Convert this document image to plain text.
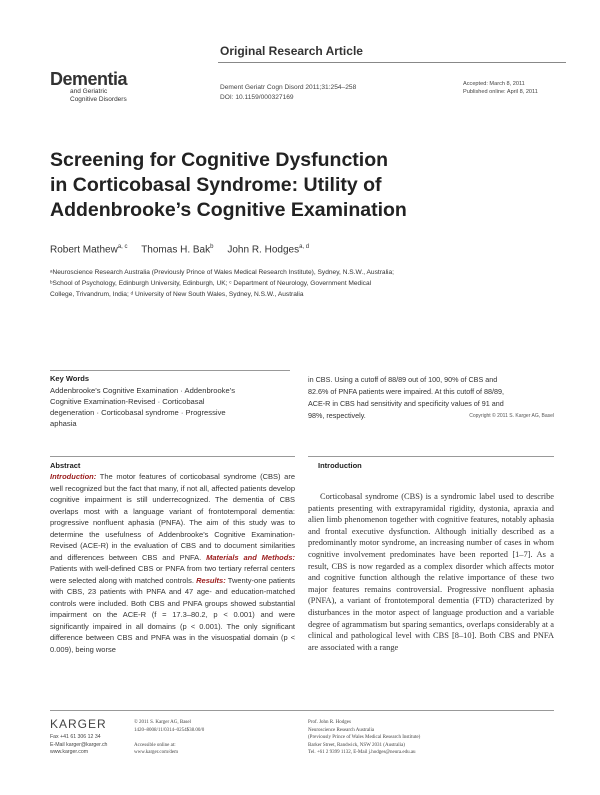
Original Research Article
Dementia
and Geriatric
Cognitive Disorders
Dement Geriatr Cogn Disord 2011;31:254–258
DOI: 10.1159/000327169
Accepted: March 8, 2011
Published online: April 8, 2011
Screening for Cognitive Dysfunction
in Corticobasal Syndrome: Utility of
Addenbrooke’s Cognitive Examination
Robert Mathew$^{a, c}$ Thomas H. Bak$^b$ John R. Hodges$^{a, d}$
ᵃNeuroscience Research Australia (Previously Prince of Wales Medical Research Institute), Sydney, N.S.W., Australia;
ᵇSchool of Psychology, Edinburgh University, Edinburgh, UK; ᶜ Department of Neurology, Government Medical
College, Trivandrum, India; ᵈ University of New South Wales, Sydney, N.S.W., Australia
Key Words
Addenbrooke’s Cognitive Examination · Addenbrooke’s
Cognitive Examination-Revised · Corticobasal
degeneration · Corticobasal syndrome · Progressive
aphasia
in CBS. Using a cutoff of 88/89 out of 100, 90% of CBS and
82.6% of PNFA patients were impaired. At this cutoff of 88/89,
ACE-R in CBS had sensitivity and specificity values of 91 and
98%, respectively.	Copyright © 2011 S. Karger AG, Basel
Abstract
Introduction: The motor features of corticobasal syndrome (CBS) are well recognized but the fact that many, if not all, affected patients develop cognitive impairment is still underrecognized. The dementia of CBS overlaps most with a language variant of frontotemporal dementia: progressive nonfluent aphasia (PNFA). The aim of this study was to determine the usefulness of Addenbrooke’s Cognitive Examination-Revised (ACE-R) in the evaluation of CBS and to document similarities and differences between CBS and PNFA. Materials and Methods: Patients with well-defined CBS or PNFA from two tertiary referral centers were selected along with matched controls. Results: Twenty-one patients with CBS, 23 patients with PNFA and 47 age- and education-matched controls were included. Both CBS and PNFA groups showed substantial impairment on the ACE-R (f = 17.3–80.2, p < 0.001) and were significantly impaired in all domains (p < 0.001). The only significant difference between CBS and PNFA was in the visuospatial domain (p < 0.009), being worse
Introduction
Corticobasal syndrome (CBS) is a syndromic label used to describe patients presenting with extrapyramidal rigidity, dystonia, apraxia and alien limb phenomenon together with cognitive features, notably aphasia and frontal executive dysfunction. Although initially described as a predominantly motor syndrome, an increasing number of cases in whom cognitive involvement predominates have been reported [1–7]. As a result, CBS is now regarded as a complex disorder which affects motor and cognitive function although the relative importance of these two major features remains controversial. Progressive nonfluent aphasia (PNFA), a variant of frontotemporal dementia (FTD) characterized by disturbances in the motor aspect of language production and a variable degree of agrammatism but sparing semantics, overlaps considerably at a clinical and pathological level with CBS [8–10]. Both CBS and PNFA are associated with a range
KARGER
Fax +41 61 306 12 34
E-Mail karger@karger.ch
www.karger.com
© 2011 S. Karger AG, Basel
1420–8008/11/0314–0254$38.00/0

Accessible online at:
www.karger.com/dem
Prof. John R. Hodges
Neuroscience Research Australia
(Previously Prince of Wales Medical Research Institute)
Barker Street, Randwick, NSW 2031 (Australia)
Tel. +61 2 9399 1132, E-Mail j.hodges@neura.edu.au
